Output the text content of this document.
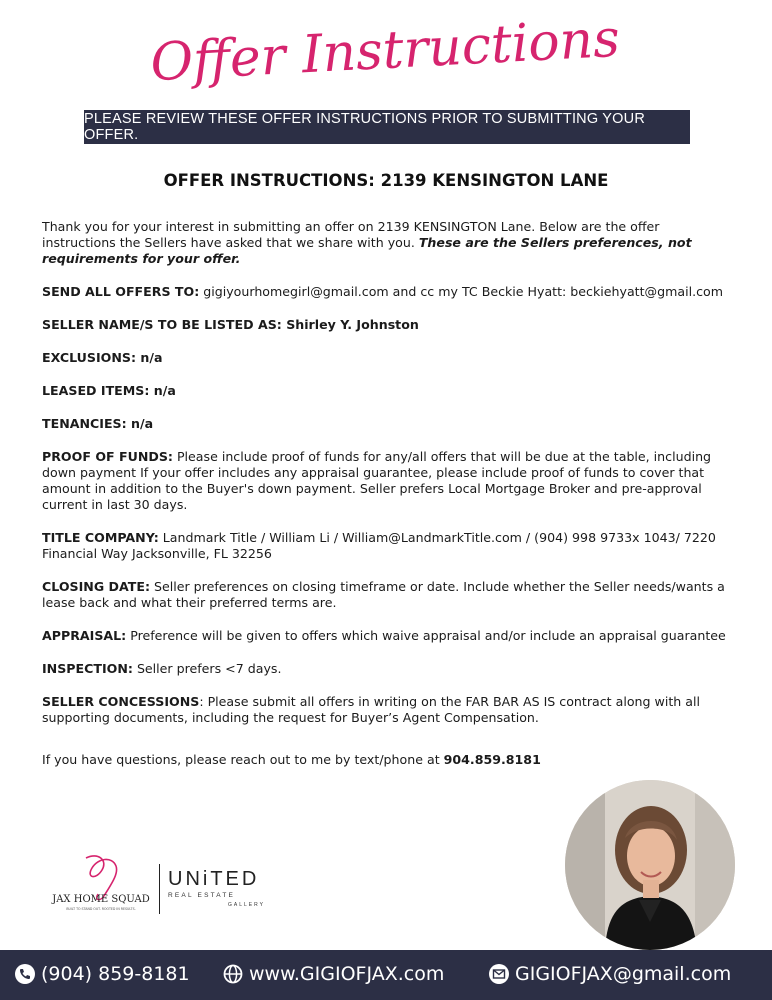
Offer Instructions
PLEASE REVIEW THESE OFFER INSTRUCTIONS PRIOR TO SUBMITTING YOUR OFFER.
OFFER INSTRUCTIONS: 2139 KENSINGTON LANE

Thank you for your interest in submitting an offer on 2139 KENSINGTON Lane. Below are the offer instructions the Sellers have asked that we share with you. These are the Sellers preferences, not requirements for your offer.

SEND ALL OFFERS TO: gigiyourhomegirl@gmail.com and cc my TC Beckie Hyatt: beckiehyatt@gmail.com

SELLER NAME/S TO BE LISTED AS: Shirley Y. Johnston

EXCLUSIONS: n/a

LEASED ITEMS: n/a

TENANCIES: n/a

PROOF OF FUNDS: Please include proof of funds for any/all offers that will be due at the table, including down payment If your offer includes any appraisal guarantee, please include proof of funds to cover that amount in addition to the Buyer's down payment. Seller prefers Local Mortgage Broker and pre-approval current in last 30 days.

TITLE COMPANY: Landmark Title / William Li / William@LandmarkTitle.com / (904) 998 9733x 1043/ 7220 Financial Way Jacksonville, FL 32256

CLOSING DATE: Seller preferences on closing timeframe or date. Include whether the Seller needs/wants a lease back and what their preferred terms are.

APPRAISAL: Preference will be given to offers which waive appraisal and/or include an appraisal guarantee

INSPECTION: Seller prefers <7 days.

SELLER CONCESSIONS: Please submit all offers in writing on the FAR BAR AS IS contract along with all supporting documents, including the request for Buyer’s Agent Compensation.

If you have questions, please reach out to me by text/phone at 904.859.8181

JAX HOME SQUAD
BUILT TO STAND OUT. ROOTED IN RESULTS.
UNiTED
REAL ESTATE
GALLERY
(904) 859-8181	www.GIGIOFJAX.com	GIGIOFJAX@gmail.com
